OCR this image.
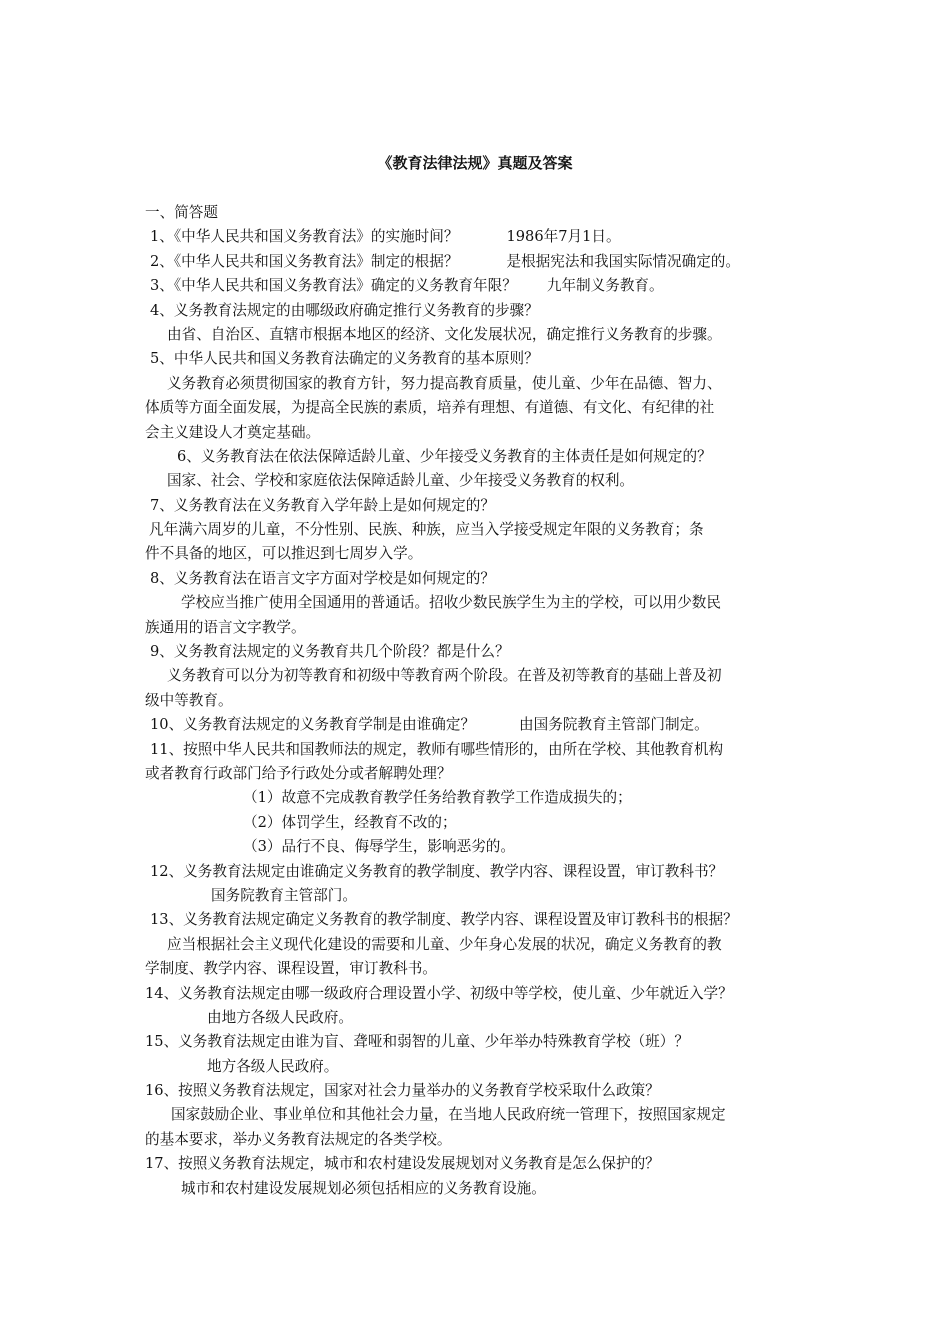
《教育法律法规》真题及答案
一、简答题
1、《中华人民共和国义务教育法》的实施时间？	1986年7月1日。
2、《中华人民共和国义务教育法》制定的根据？	是根据宪法和我国实际情况确定的。
3、《中华人民共和国义务教育法》确定的义务教育年限？ 九年制义务教育。
4、义务教育法规定的由哪级政府确定推行义务教育的步骤？
由省、自治区、直辖市根据本地区的经济、文化发展状况，确定推行义务教育的步骤。
5、中华人民共和国义务教育法确定的义务教育的基本原则？
义务教育必须贯彻国家的教育方针，努力提高教育质量，使儿童、少年在品德、智力、
体质等方面全面发展，为提高全民族的素质，培养有理想、有道德、有文化、有纪律的社
会主义建设人才奠定基础。
6、义务教育法在依法保障适龄儿童、少年接受义务教育的主体责任是如何规定的？
国家、社会、学校和家庭依法保障适龄儿童、少年接受义务教育的权利。
7、义务教育法在义务教育入学年龄上是如何规定的？
凡年满六周岁的儿童，不分性别、民族、种族，应当入学接受规定年限的义务教育；条
件不具备的地区，可以推迟到七周岁入学。
8、义务教育法在语言文字方面对学校是如何规定的？
学校应当推广使用全国通用的普通话。招收少数民族学生为主的学校，可以用少数民
族通用的语言文字教学。
9、义务教育法规定的义务教育共几个阶段？都是什么？
义务教育可以分为初等教育和初级中等教育两个阶段。在普及初等教育的基础上普及初
级中等教育。
10、义务教育法规定的义务教育学制是由谁确定？	由国务院教育主管部门制定。
11、按照中华人民共和国教师法的规定，教师有哪些情形的，由所在学校、其他教育机构
或者教育行政部门给予行政处分或者解聘处理？
（1）故意不完成教育教学任务给教育教学工作造成损失的；
（2）体罚学生，经教育不改的；
（3）品行不良、侮辱学生，影响恶劣的。
12、义务教育法规定由谁确定义务教育的教学制度、教学内容、课程设置，审订教科书？
国务院教育主管部门。
13、义务教育法规定确定义务教育的教学制度、教学内容、课程设置及审订教科书的根据？
应当根据社会主义现代化建设的需要和儿童、少年身心发展的状况，确定义务教育的教
学制度、教学内容、课程设置，审订教科书。
14、义务教育法规定由哪一级政府合理设置小学、初级中等学校，使儿童、少年就近入学？
由地方各级人民政府。
15、义务教育法规定由谁为盲、聋哑和弱智的儿童、少年举办特殊教育学校（班）？
地方各级人民政府。
16、按照义务教育法规定，国家对社会力量举办的义务教育学校采取什么政策？
国家鼓励企业、事业单位和其他社会力量，在当地人民政府统一管理下，按照国家规定
的基本要求，举办义务教育法规定的各类学校。
17、按照义务教育法规定，城市和农村建设发展规划对义务教育是怎么保护的？
城市和农村建设发展规划必须包括相应的义务教育设施。
